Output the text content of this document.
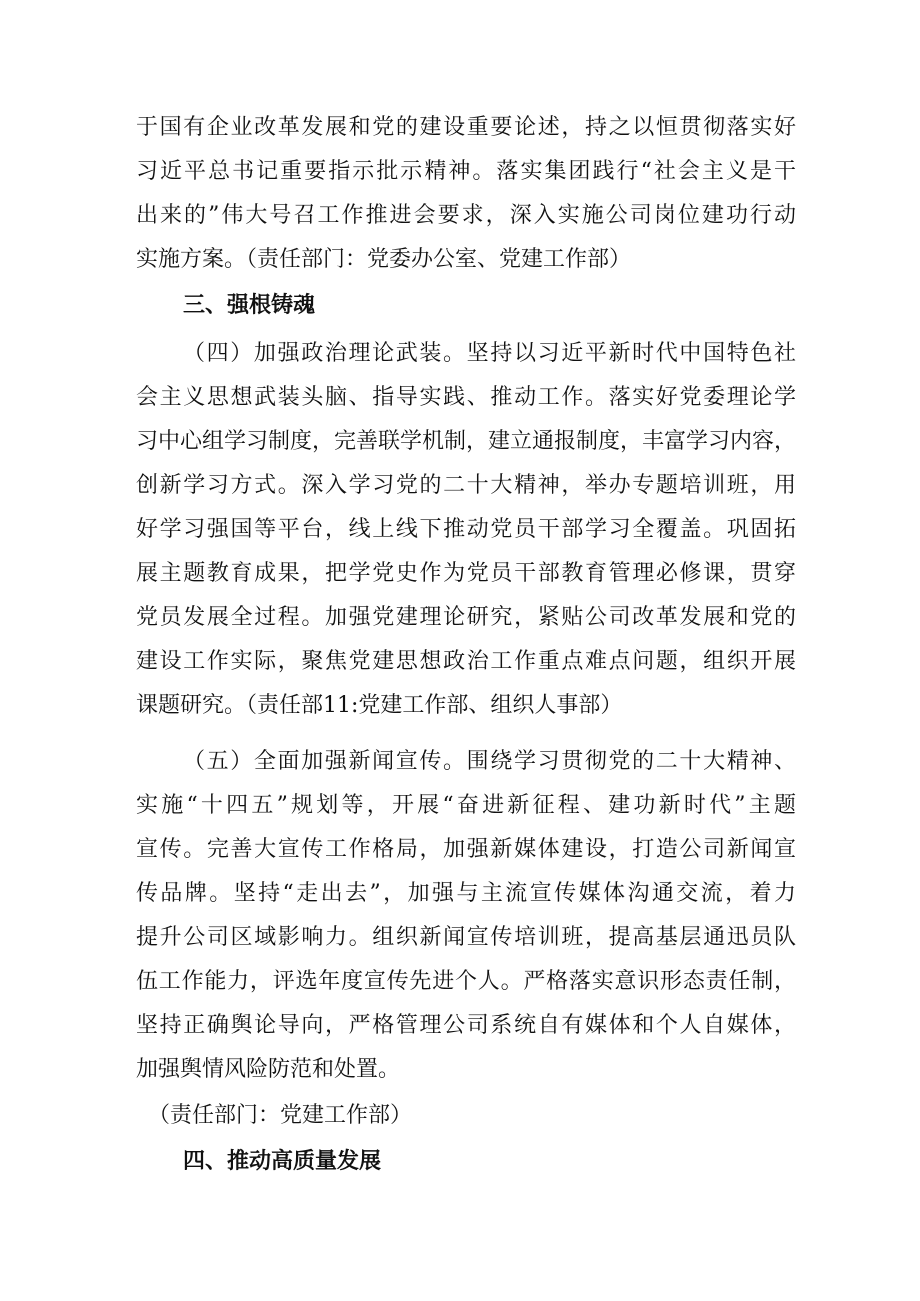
于国有企业改革发展和党的建设重要论述，持之以恒贯彻落实好

习近平总书记重要指示批示精神。落实集团践行“社会主义是干

出来的”伟大号召工作推进会要求，深入实施公司岗位建功行动

实施方案。（责任部门：党委办公室、党建工作部）

三、强根铸魂

（四）加强政治理论武装。坚持以习近平新时代中国特色社

会主义思想武装头脑、指导实践、推动工作。落实好党委理论学

习中心组学习制度，完善联学机制，建立通报制度，丰富学习内容，

创新学习方式。深入学习党的二十大精神，举办专题培训班，用

好学习强国等平台，线上线下推动党员干部学习全覆盖。巩固拓

展主题教育成果，把学党史作为党员干部教育管理必修课，贯穿

党员发展全过程。加强党建理论研究，紧贴公司改革发展和党的

建设工作实际，聚焦党建思想政治工作重点难点问题，组织开展

课题研究。（责任部11:党建工作部、组织人事部）

（五）全面加强新闻宣传。围绕学习贯彻党的二十大精神、

实施“十四五”规划等，开展“奋进新征程、建功新时代”主题

宣传。完善大宣传工作格局，加强新媒体建设，打造公司新闻宣

传品牌。坚持“走出去”，加强与主流宣传媒体沟通交流，着力

提升公司区域影响力。组织新闻宣传培训班，提高基层通迅员队

伍工作能力，评选年度宣传先进个人。严格落实意识形态责任制，

坚持正确舆论导向，严格管理公司系统自有媒体和个人自媒体，

加强舆情风险防范和处置。

（责任部门：党建工作部）

四、推动高质量发展
